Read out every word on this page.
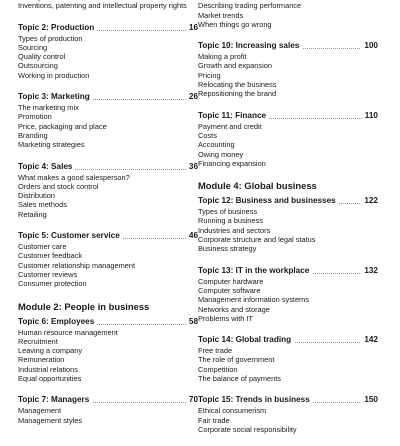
Inventions, patenting and intellectual property rights
Topic 2: Production	16
Types of production
Sourcing
Quality control
Outsourcing
Working in production
Topic 3: Marketing	26
The marketing mix
Promotion
Price, packaging and place
Branding
Marketing strategies
Topic 4: Sales	36
What makes a good salesperson?
Orders and stock control
Distribution
Sales methods
Retailing
Topic 5: Customer service	46
Customer care
Customer feedback
Customer relationship management
Customer reviews
Consumer protection
Module 2: People in business
Topic 6: Employees	58
Human resource management
Recruitment
Leaving a company
Remuneration
Industrial relations
Equal opportunities
Topic 7: Managers	70
Management
Management styles
Describing trading performance
Market trends
When things go wrong
Topic 10: Increasing sales	100
Making a profit
Growth and expansion
Pricing
Relocating the business
Repositioning the brand
Topic 11: Finance	110
Payment and credit
Costs
Accounting
Owing money
Financing expansion
Module 4: Global business
Topic 12: Business and businesses	122
Types of business
Running a business
Industries and sectors
Corporate structure and legal status
Business strategy
Topic 13: IT in the workplace	132
Computer hardware
Computer software
Management information systems
Networks and storage
Problems with IT
Topic 14: Global trading	142
Free trade
The role of government
Competition
The balance of payments
Topic 15: Trends in business	150
Ethical consumerism
Fair trade
Corporate social responsibility
